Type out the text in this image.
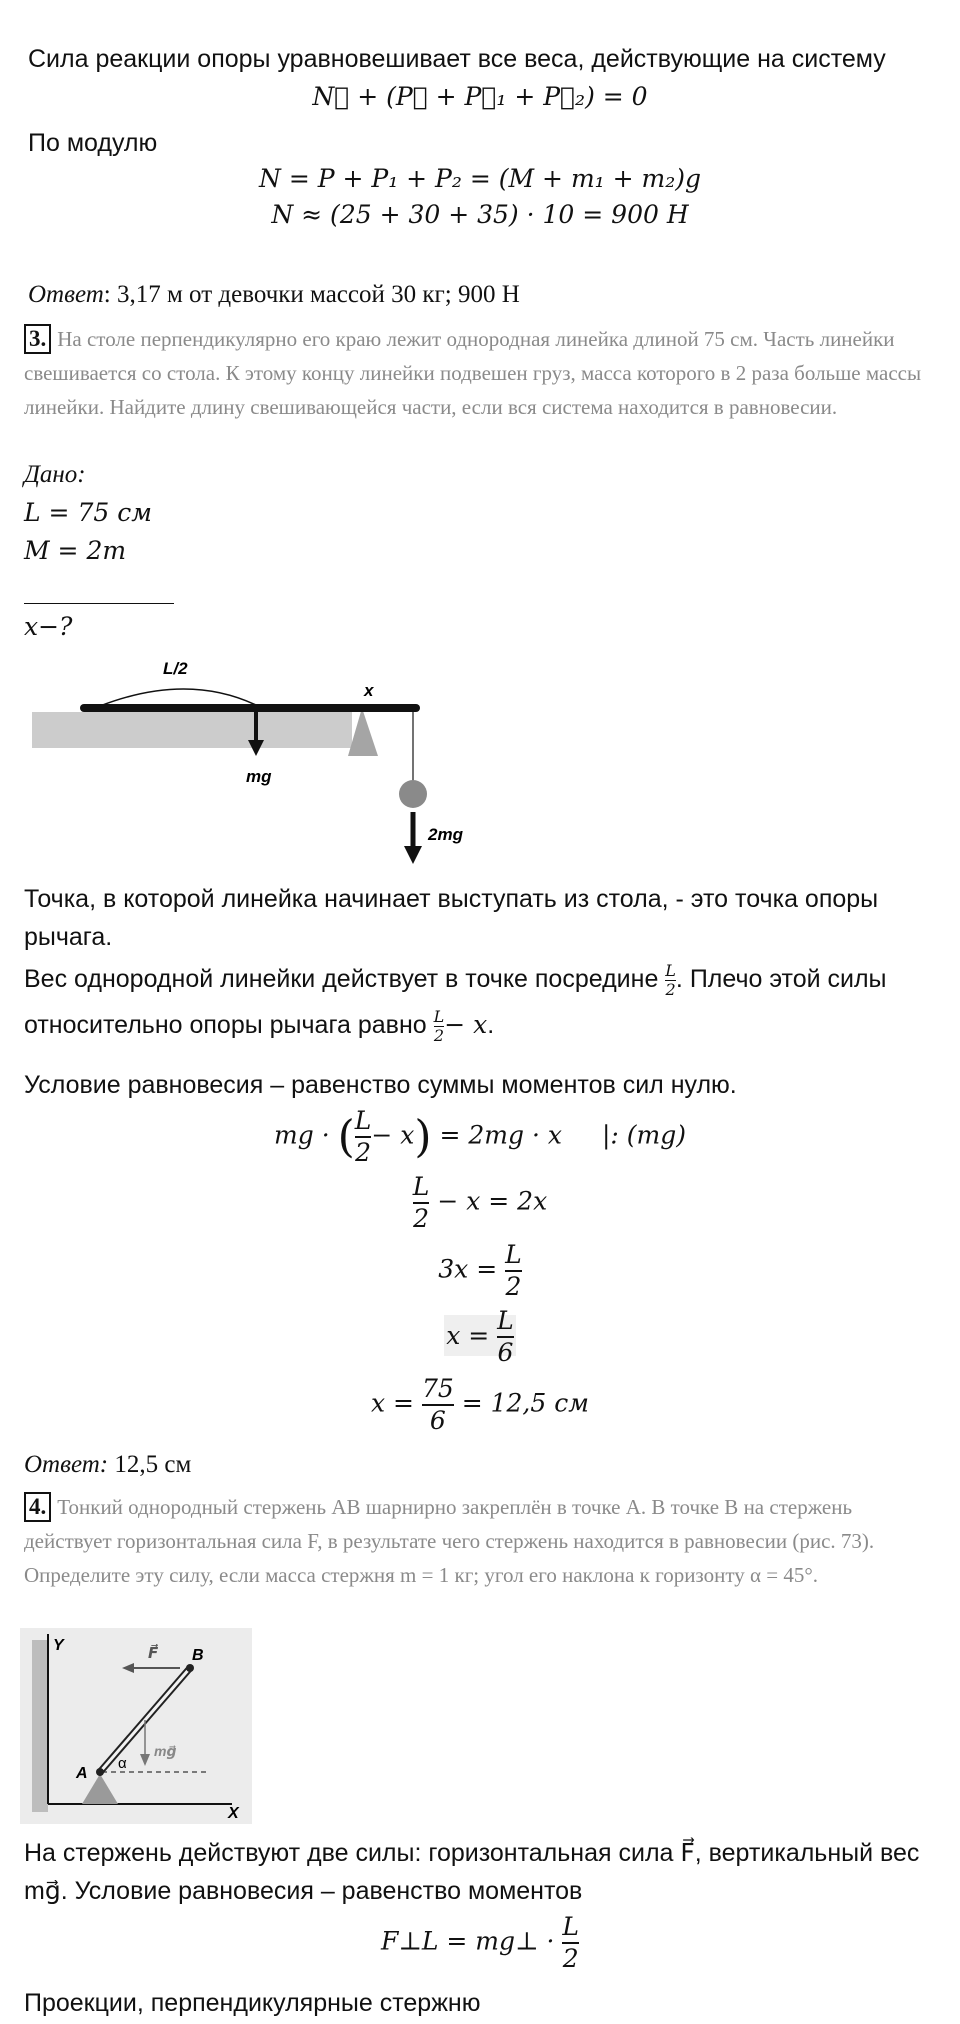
Сила реакции опоры уравновешивает все веса, действующие на систему
N⃗ + (P⃗ + P⃗₁ + P⃗₂) = 0
По модулю
N = P + P₁ + P₂ = (M + m₁ + m₂)g
N ≈ (25 + 30 + 35) · 10 = 900 Н
Ответ: 3,17 м от девочки массой 30 кг; 900 Н
3. На столе перпендикулярно его краю лежит однородная линейка длиной 75 см. Часть линейки свешивается со стола. К этому концу линейки подвешен груз, масса которого в 2 раза больше массы линейки. Найдите длину свешивающейся части, если вся система находится в равновесии.
Дано:
L = 75 см
M = 2m
x−?
L/2
x
mg
2mg
Точка, в которой линейка начинает выступать из стола, - это точка опоры рычага.
Вес однородной линейки действует в точке посредине $\frac{L}{2}$ . Плечо этой силы относительно опоры рычага равно $\frac{L}{2} - x$.
Условие равновесия – равенство суммы моментов сил нулю.
mg · ( $\frac{L}{2} - x) = 2mg \cdot x$ |: (mg)
$\frac{L}{2} - x = 2x$
$3x = \frac{L}{2}$
$x = \frac{L}{6}$
$x = \frac{75}{6} = 12,5$ см
Ответ: 12,5 см
4. Тонкий однородный стержень AB шарнирно закреплён в точке A. В точке B на стержень действует горизонтальная сила F, в результате чего стержень находится в равновесии (рис. 73). Определите эту силу, если масса стержня m = 1 кг; угол его наклона к горизонту α = 45°.
Y
X
F⃗ B
mg⃗
A
α
На стержень действуют две силы: горизонтальная сила F⃗, вертикальный вес mg⃗. Условие равновесия – равенство моментов
F⊥L = mg⊥ · $\frac{L}{2}$
Проекции, перпендикулярные стержню
